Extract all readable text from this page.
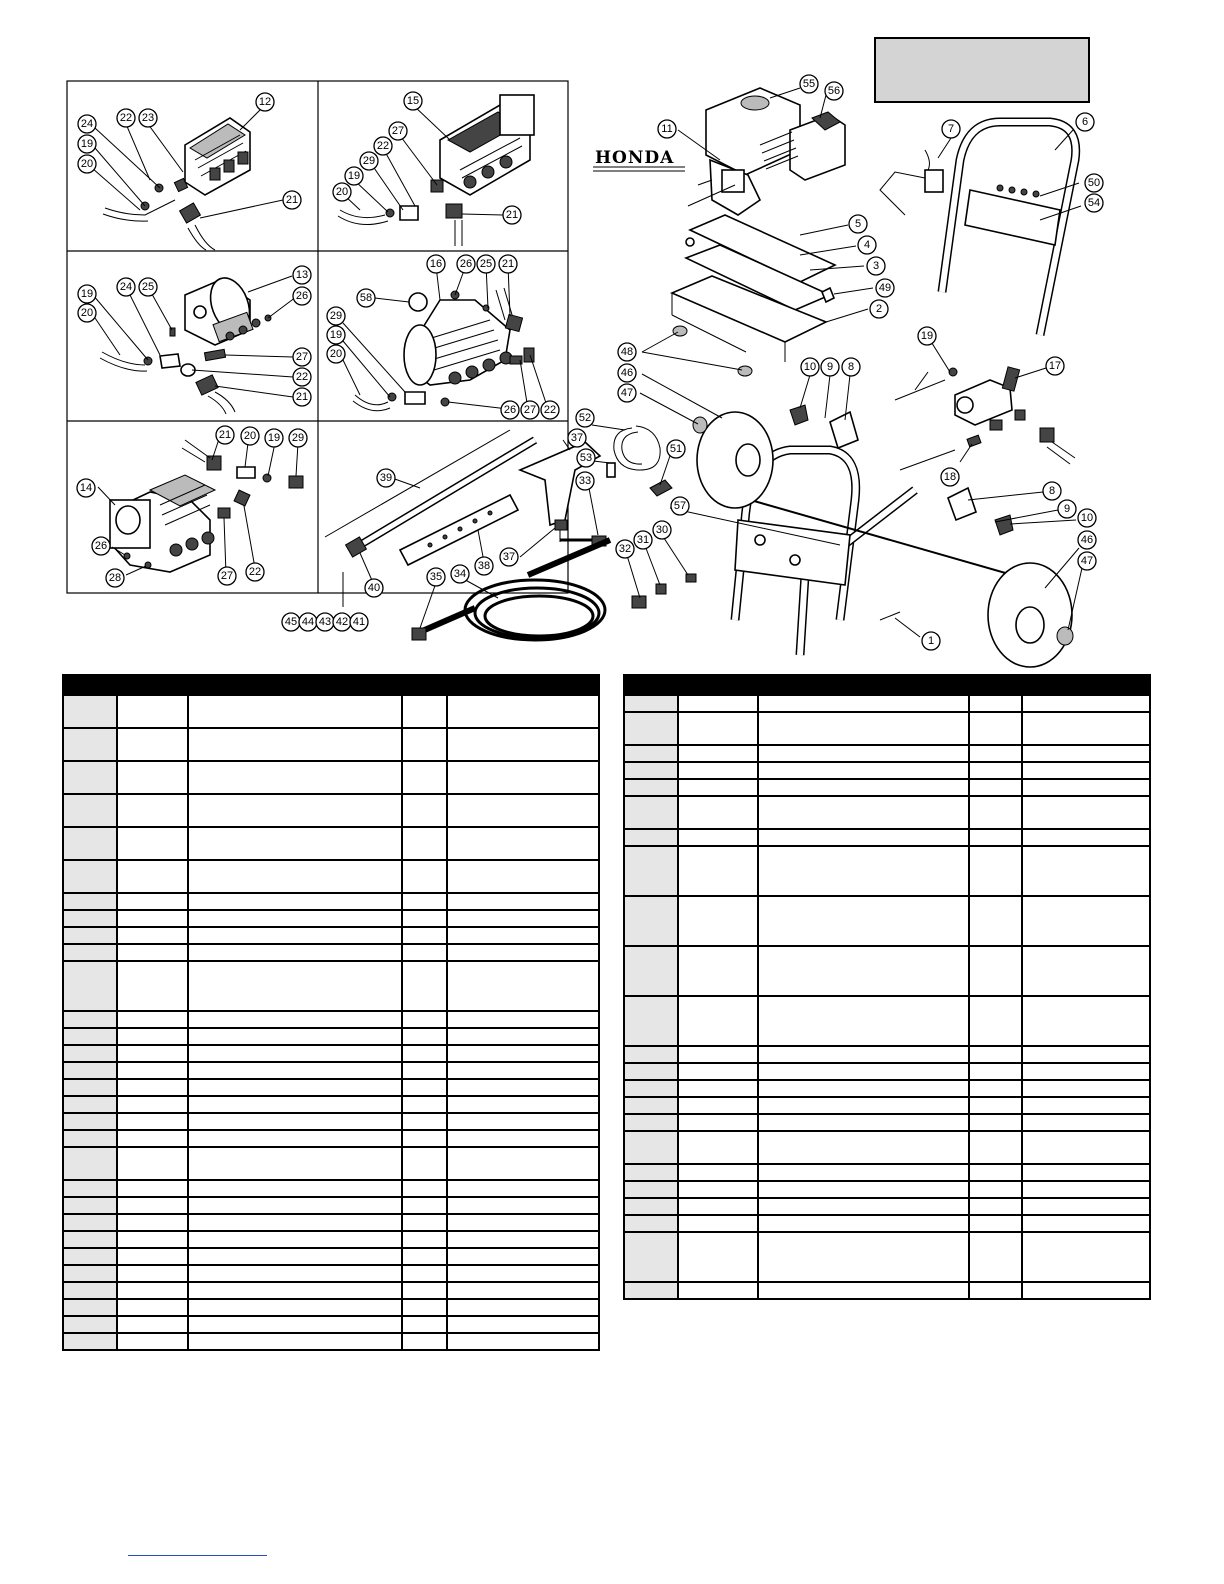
HONDA
12
22 23
24
19
20
21
15
27
22
29
19
20
21
19
20
24 25
13
26
27
22
21
16 26 25 21
58
29
19
20
26 27 22
14
21 20 19 29
26
28	27 22
55
56
11
5
4
3
49
2
48
46
47
7
6
50
54
19
17
18
10 9 8
8
9
10
46
47
1
57
52
53
51
37
39	33
30
31
32
38
37
40
35 34
45 44 43 42 41
